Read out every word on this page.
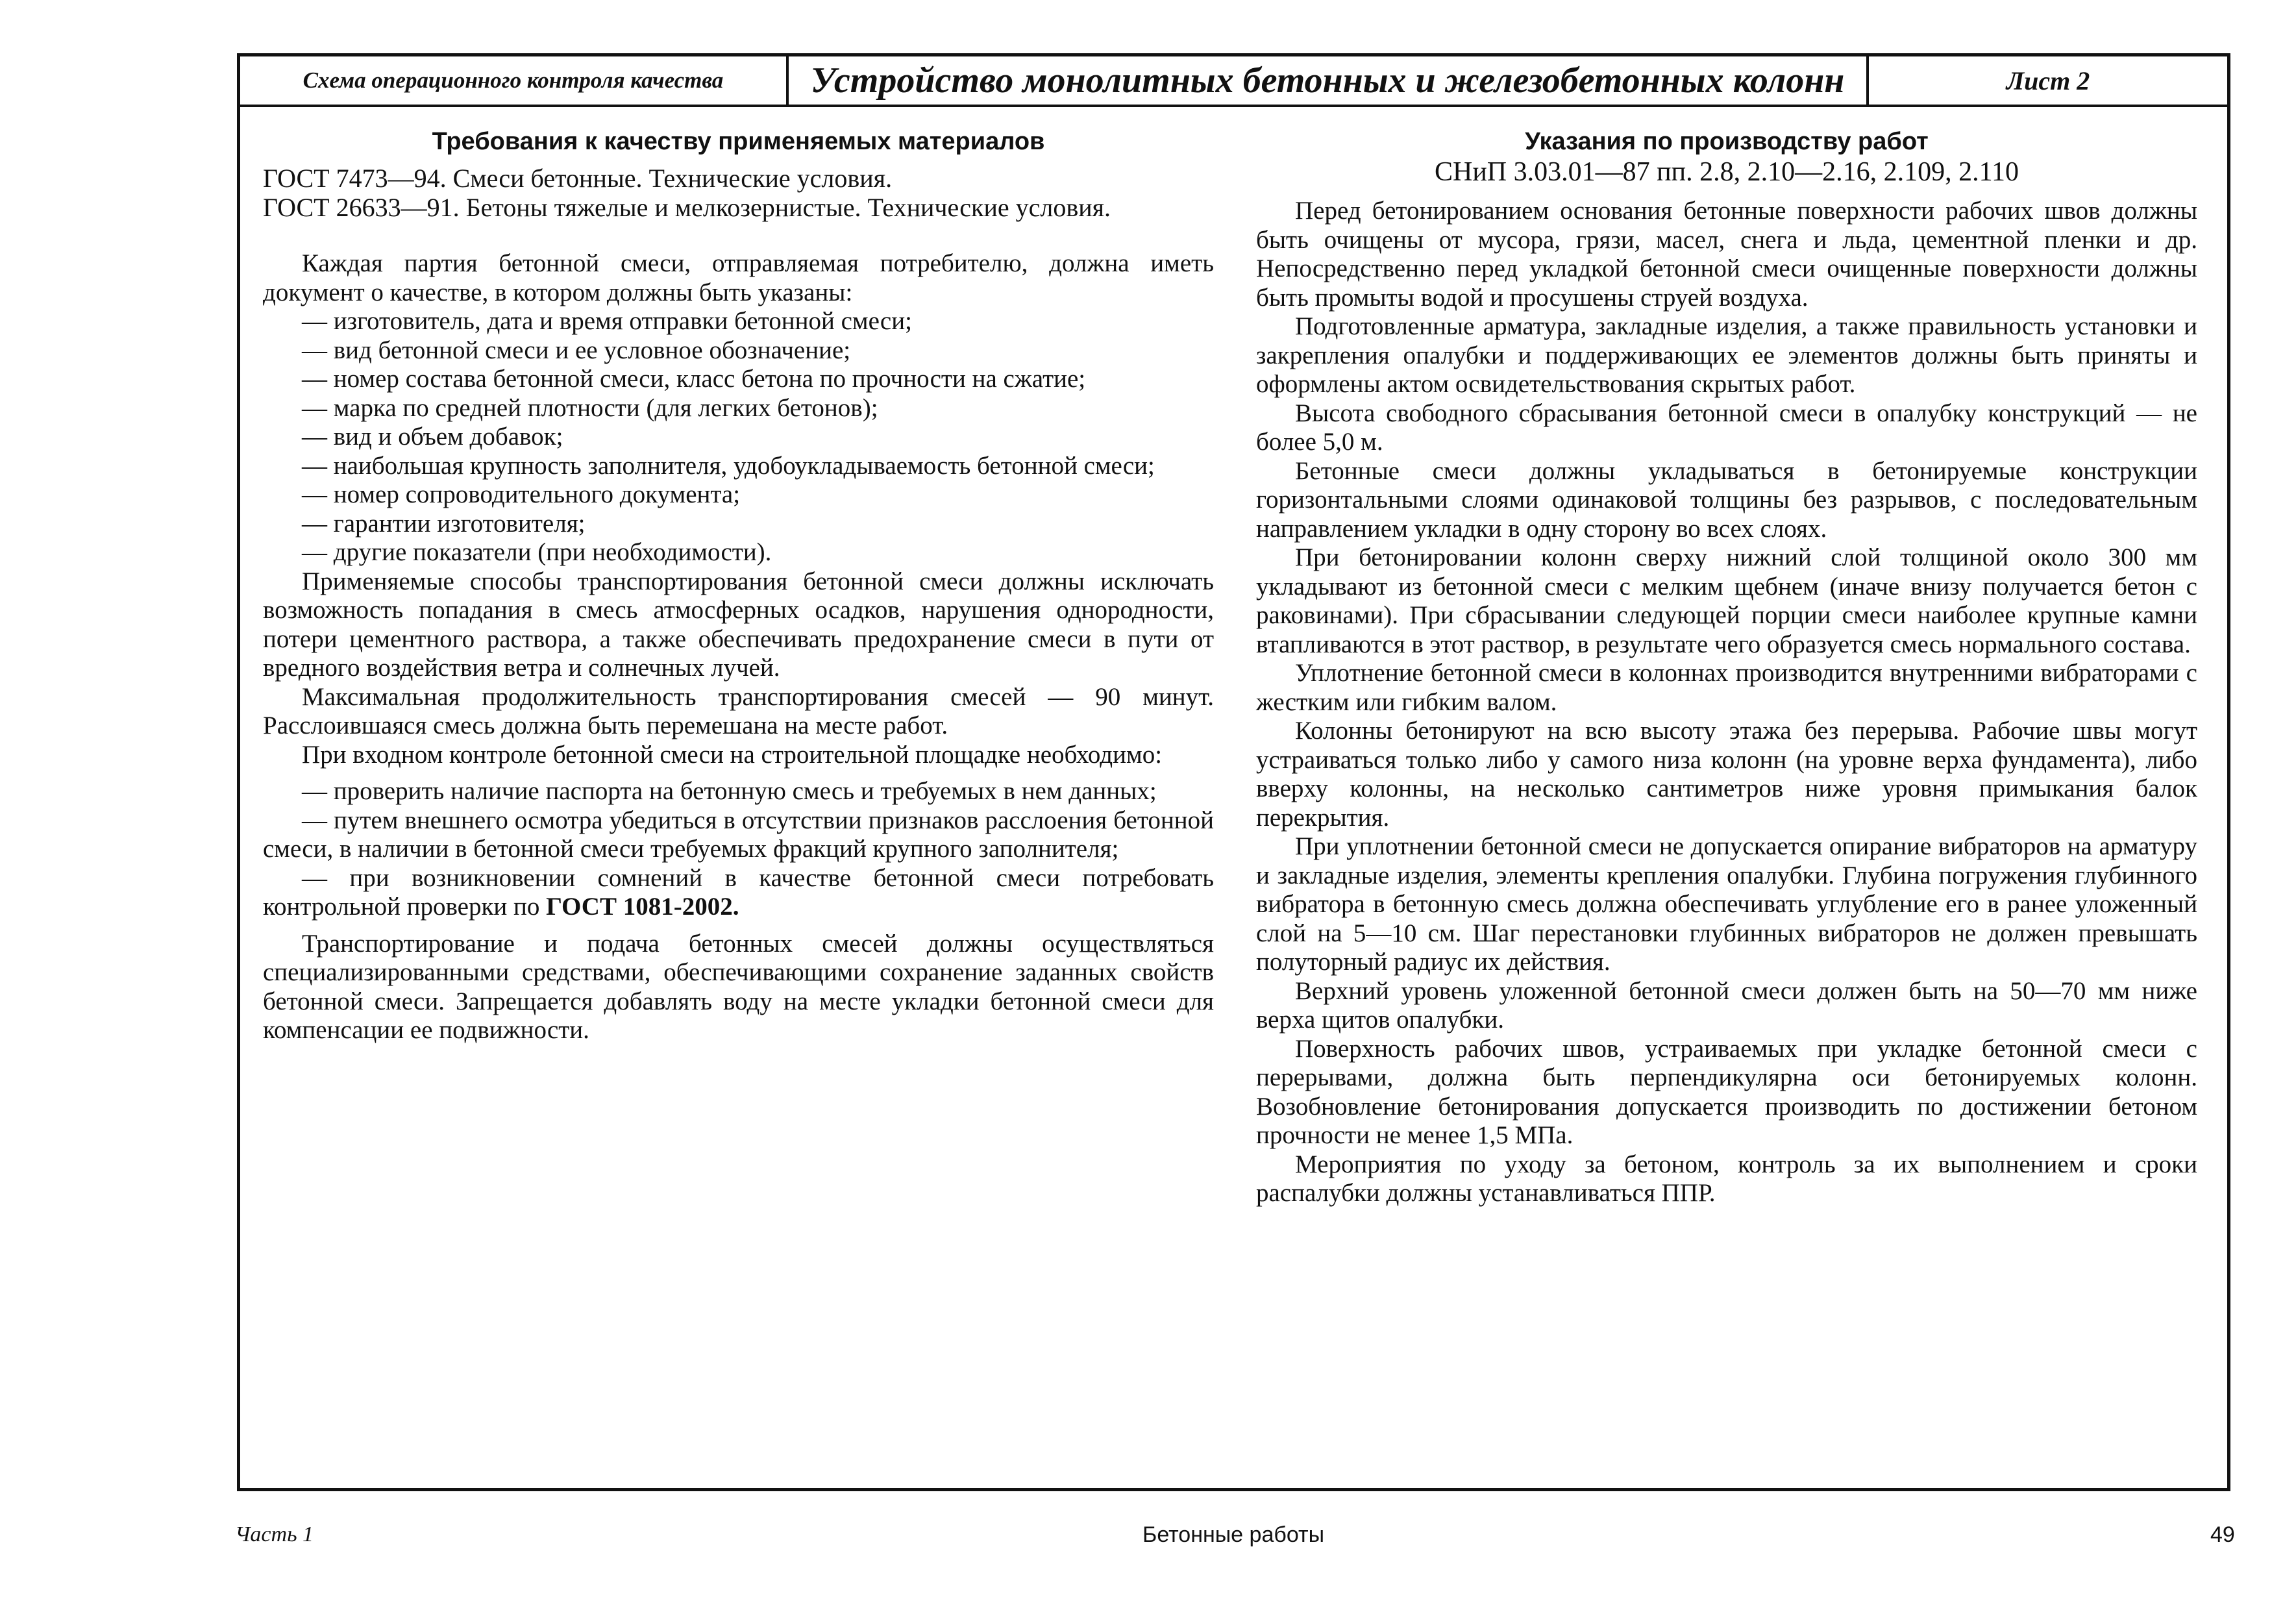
Схема операционного контроля качества	Устройство монолитных бетонных и железобетонных колонн	Лист 2
Требования к качеству применяемых материалов

ГОСТ 7473—94. Смеси бетонные. Технические условия.

ГОСТ 26633—91. Бетоны тяжелые и мелкозернистые. Технические условия.

Каждая партия бетонной смеси, отправляемая потребителю, должна иметь документ о качестве, в котором должны быть указаны:

— изготовитель, дата и время отправки бетонной смеси;

— вид бетонной смеси и ее условное обозначение;

— номер состава бетонной смеси, класс бетона по прочности на сжатие;

— марка по средней плотности (для легких бетонов);

— вид и объем добавок;

— наибольшая крупность заполнителя, удобоукладываемость бетонной смеси;

— номер сопроводительного документа;

— гарантии изготовителя;

— другие показатели (при необходимости).

Применяемые способы транспортирования бетонной смеси должны исключать возможность попадания в смесь атмосферных осадков, нарушения однородности, потери цементного раствора, а также обеспечивать предохранение смеси в пути от вредного воздействия ветра и солнечных лучей.

Максимальная продолжительность транспортирования смесей — 90 минут. Расслоившаяся смесь должна быть перемешана на месте работ.

При входном контроле бетонной смеси на строительной площадке необходимо:

— проверить наличие паспорта на бетонную смесь и требуемых в нем данных;

— путем внешнего осмотра убедиться в отсутствии признаков расслоения бетонной смеси, в наличии в бетонной смеси требуемых фракций крупного заполнителя;

— при возникновении сомнений в качестве бетонной смеси потребовать контрольной проверки по ГОСТ 1081-2002.

Транспортирование и подача бетонных смесей должны осуществляться специализированными средствами, обеспечивающими сохранение заданных свойств бетонной смеси. Запрещается добавлять воду на месте укладки бетонной смеси для компенсации ее подвижности.

Указания по производству работ
СНиП 3.03.01—87 пп. 2.8, 2.10—2.16, 2.109, 2.110

Перед бетонированием основания бетонные поверхности рабочих швов должны быть очищены от мусора, грязи, масел, снега и льда, цементной пленки и др. Непосредственно перед укладкой бетонной смеси очищенные поверхности должны быть промыты водой и просушены струей воздуха.

Подготовленные арматура, закладные изделия, а также правильность установки и закрепления опалубки и поддерживающих ее элементов должны быть приняты и оформлены актом освидетельствования скрытых работ.

Высота свободного сбрасывания бетонной смеси в опалубку конструкций — не более 5,0 м.

Бетонные смеси должны укладываться в бетонируемые конструкции горизонтальными слоями одинаковой толщины без разрывов, с последовательным направлением укладки в одну сторону во всех слоях.

При бетонировании колонн сверху нижний слой толщиной около 300 мм укладывают из бетонной смеси с мелким щебнем (иначе внизу получается бетон с раковинами). При сбрасывании следующей порции смеси наиболее крупные камни втапливаются в этот раствор, в результате чего образуется смесь нормального состава.

Уплотнение бетонной смеси в колоннах производится внутренними вибраторами с жестким или гибким валом.

Колонны бетонируют на всю высоту этажа без перерыва. Рабочие швы могут устраиваться только либо у самого низа колонн (на уровне верха фундамента), либо вверху колонны, на несколько сантиметров ниже уровня примыкания балок перекрытия.

При уплотнении бетонной смеси не допускается опирание вибраторов на арматуру и закладные изделия, элементы крепления опалубки. Глубина погружения глубинного вибратора в бетонную смесь должна обеспечивать углубление его в ранее уложенный слой на 5—10 см. Шаг перестановки глубинных вибраторов не должен превышать полуторный радиус их действия.

Верхний уровень уложенной бетонной смеси должен быть на 50—70 мм ниже верха щитов опалубки.

Поверхность рабочих швов, устраиваемых при укладке бетонной смеси с перерывами, должна быть перпендикулярна оси бетонируемых колонн. Возобновление бетонирования допускается производить по достижении бетоном прочности не менее 1,5 МПа.

Мероприятия по уходу за бетоном, контроль за их выполнением и сроки распалубки должны устанавливаться ППР.

Часть 1	Бетонные работы	49
